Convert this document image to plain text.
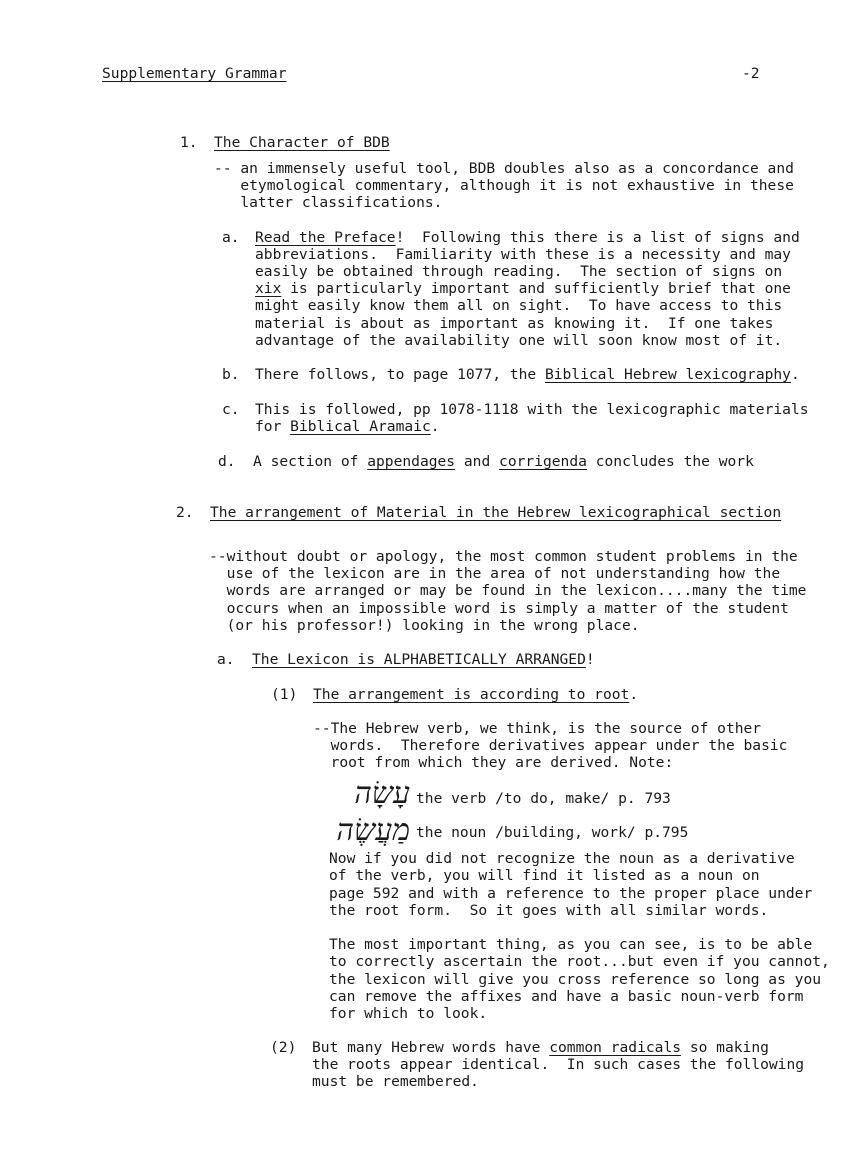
Supplementary Grammar	-2
1. The Character of BDB
-- an immensely useful tool, BDB doubles also as a concordance and
etymological commentary, although it is not exhaustive in these
latter classifications.
a. Read the Preface!  Following this there is a list of signs and
abbreviations.  Familiarity with these is a necessity and may
easily be obtained through reading.  The section of signs on
xix is particularly important and sufficiently brief that one
might easily know them all on sight.  To have access to this
material is about as important as knowing it.  If one takes
advantage of the availability one will soon know most of it.
b. There follows, to page 1077, the Biblical Hebrew lexicography.
c. This is followed, pp 1078-1118 with the lexicographic materials
for Biblical Aramaic.
d. A section of appendages and corrigenda concludes the work
2. The arrangement of Material in the Hebrew lexicographical section
--without doubt or apology, the most common student problems in the
use of the lexicon are in the area of not understanding how the
words are arranged or may be found in the lexicon....many the time
occurs when an impossible word is simply a matter of the student
(or his professor!) looking in the wrong place.
a. The Lexicon is ALPHABETICALLY ARRANGED!
(1) The arrangement is according to root.
--The Hebrew verb, we think, is the source of other
words.  Therefore derivatives appear under the basic
root from which they are derived. Note:
עָשָׂה the verb /to do, make/ p. 793
מַעֲשֶׂה the noun /building, work/ p.795
Now if you did not recognize the noun as a derivative
of the verb, you will find it listed as a noun on
page 592 and with a reference to the proper place under
the root form.  So it goes with all similar words.
The most important thing, as you can see, is to be able
to correctly ascertain the root...but even if you cannot,
the lexicon will give you cross reference so long as you
can remove the affixes and have a basic noun-verb form
for which to look.
(2) But many Hebrew words have common radicals so making
the roots appear identical.  In such cases the following
must be remembered.
